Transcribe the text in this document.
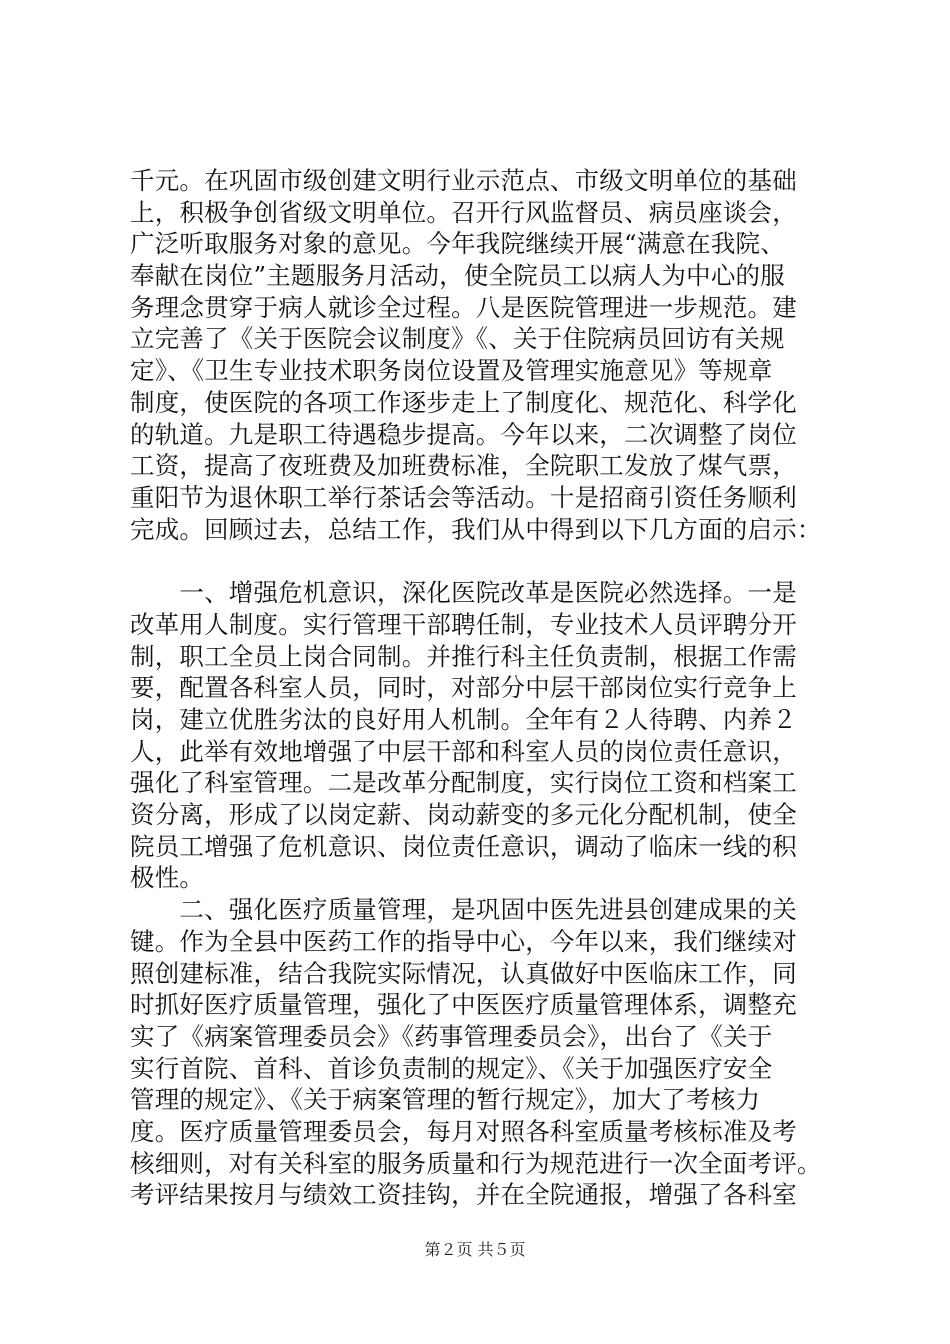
千元。在巩固市级创建文明行业示范点、市级文明单位的基础
上，积极争创省级文明单位。召开行风监督员、病员座谈会，
广泛听取服务对象的意见。今年我院继续开展“满意在我院、
奉献在岗位”主题服务月活动，使全院员工以病人为中心的服
务理念贯穿于病人就诊全过程。八是医院管理进一步规范。建
立完善了《关于医院会议制度》《、关于住院病员回访有关规
定》、《卫生专业技术职务岗位设置及管理实施意见》等规章
制度，使医院的各项工作逐步走上了制度化、规范化、科学化
的轨道。九是职工待遇稳步提高。今年以来，二次调整了岗位
工资，提高了夜班费及加班费标准，全院职工发放了煤气票，
重阳节为退休职工举行茶话会等活动。十是招商引资任务顺利
完成。回顾过去，总结工作，我们从中得到以下几方面的启示：
　　一、增强危机意识，深化医院改革是医院必然选择。一是
改革用人制度。实行管理干部聘任制，专业技术人员评聘分开
制，职工全员上岗合同制。并推行科主任负责制，根据工作需
要，配置各科室人员，同时，对部分中层干部岗位实行竞争上
岗，建立优胜劣汰的良好用人机制。全年有２人待聘、内养２
人，此举有效地增强了中层干部和科室人员的岗位责任意识，
强化了科室管理。二是改革分配制度，实行岗位工资和档案工
资分离，形成了以岗定薪、岗动薪变的多元化分配机制，使全
院员工增强了危机意识、岗位责任意识，调动了临床一线的积
极性。
　　二、强化医疗质量管理，是巩固中医先进县创建成果的关
键。作为全县中医药工作的指导中心，今年以来，我们继续对
照创建标准，结合我院实际情况，认真做好中医临床工作，同
时抓好医疗质量管理，强化了中医医疗质量管理体系，调整充
实了《病案管理委员会》《药事管理委员会》，出台了《关于
实行首院、首科、首诊负责制的规定》、《关于加强医疗安全
管理的规定》、《关于病案管理的暂行规定》，加大了考核力
度。医疗质量管理委员会，每月对照各科室质量考核标准及考
核细则，对有关科室的服务质量和行为规范进行一次全面考评。
考评结果按月与绩效工资挂钩，并在全院通报，增强了各科室
第２页 共５页
